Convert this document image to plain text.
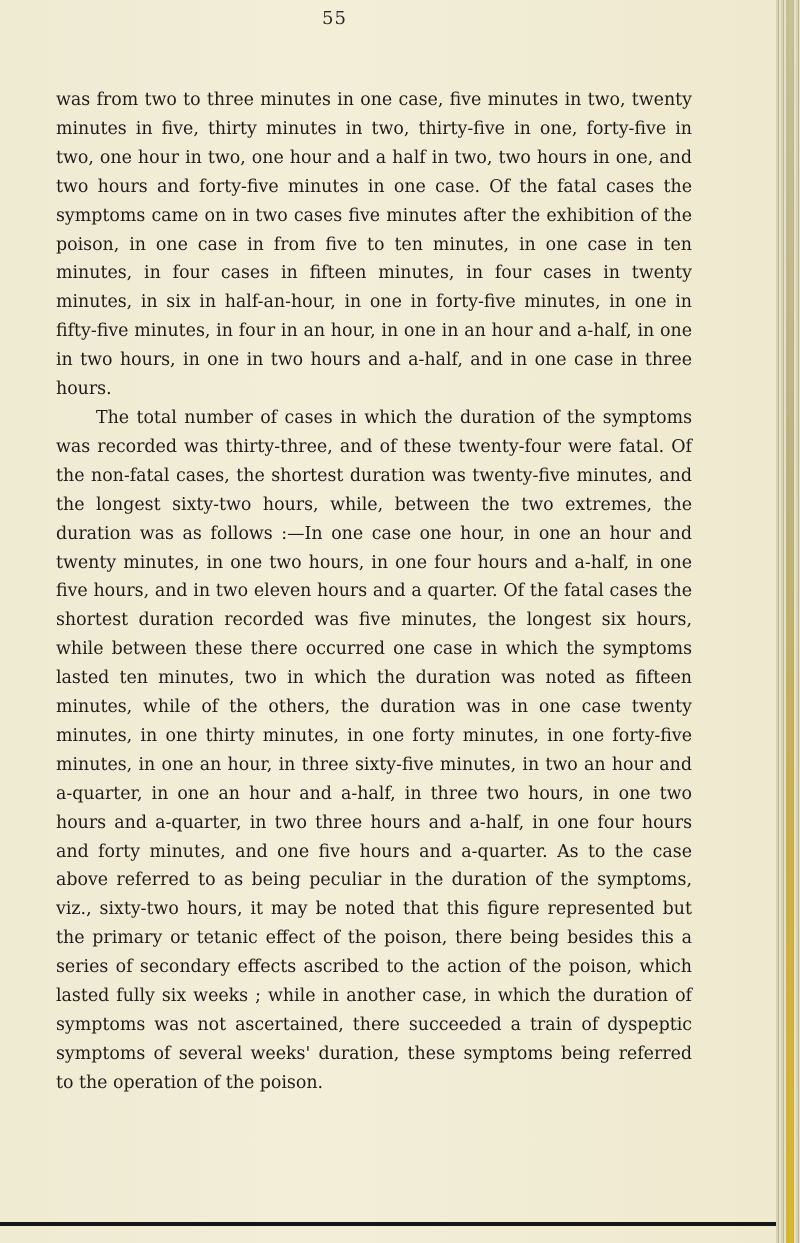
55

was from two to three minutes in one case, five minutes in two, twenty minutes in five, thirty minutes in two, thirty-five in one, forty-five in two, one hour in two, one hour and a half in two, two hours in one, and two hours and forty-five minutes in one case. Of the fatal cases the symptoms came on in two cases five minutes after the exhibition of the poison, in one case in from five to ten minutes, in one case in ten minutes, in four cases in fifteen minutes, in four cases in twenty minutes, in six in half-an-hour, in one in forty-five minutes, in one in fifty-five minutes, in four in an hour, in one in an hour and a-half, in one in two hours, in one in two hours and a-half, and in one case in three hours.

The total number of cases in which the duration of the symptoms was recorded was thirty-three, and of these twenty-four were fatal. Of the non-fatal cases, the shortest duration was twenty-five minutes, and the longest sixty-two hours, while, between the two extremes, the duration was as follows :—In one case one hour, in one an hour and twenty minutes, in one two hours, in one four hours and a-half, in one five hours, and in two eleven hours and a quarter. Of the fatal cases the shortest duration recorded was five minutes, the longest six hours, while between these there occurred one case in which the symptoms lasted ten minutes, two in which the duration was noted as fifteen minutes, while of the others, the duration was in one case twenty minutes, in one thirty minutes, in one forty minutes, in one forty-five minutes, in one an hour, in three sixty-five minutes, in two an hour and a-quarter, in one an hour and a-half, in three two hours, in one two hours and a-quarter, in two three hours and a-half, in one four hours and forty minutes, and one five hours and a-quarter. As to the case above referred to as being peculiar in the duration of the symptoms, viz., sixty-two hours, it may be noted that this figure represented but the primary or tetanic effect of the poison, there being besides this a series of secondary effects ascribed to the action of the poison, which lasted fully six weeks ; while in another case, in which the duration of symptoms was not ascertained, there succeeded a train of dyspeptic symptoms of several weeks' duration, these symptoms being referred to the operation of the poison.
